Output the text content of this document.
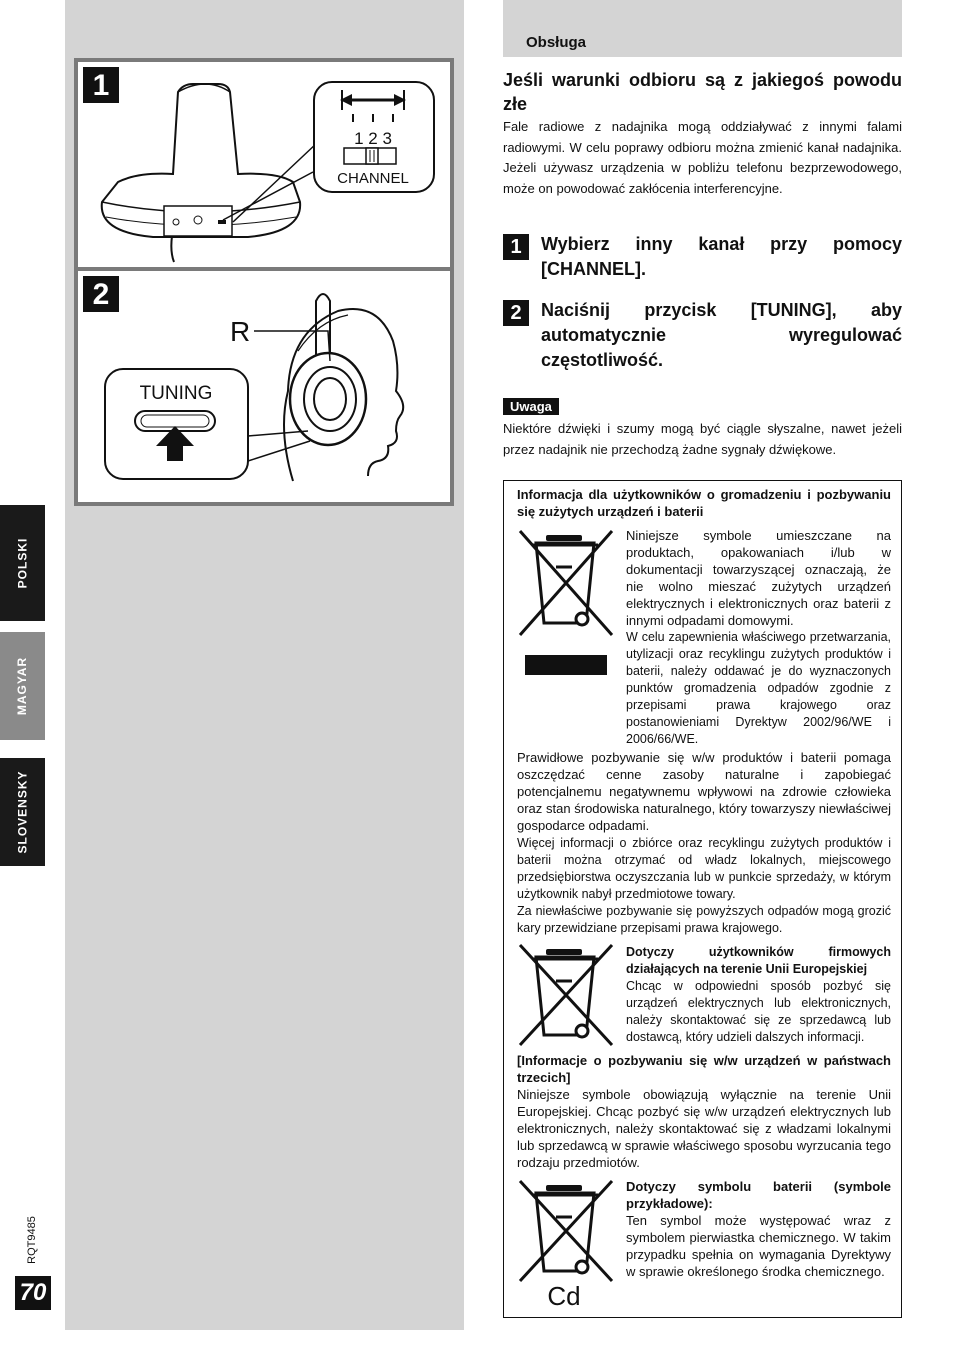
POLSKI
MAGYAR
SLOVENSKY
RQT9485
70
1
1 2 3
CHANNEL
2
R
TUNING
Obsługa
Jeśli warunki odbioru są z jakiegoś powodu złe
Fale radiowe z nadajnika mogą oddziaływać z innymi falami radiowymi. W celu poprawy odbioru można zmienić kanał nadajnika. Jeżeli używasz urządzenia w pobliżu telefonu bezprzewodowego, może on powodować zakłócenia interferencyjne.
1	Wybierz inny kanał przy pomocy [CHANNEL].
2	Naciśnij przycisk [TUNING], aby automatycznie wyregulować częstotliwość.
Uwaga
Niektóre dźwięki i szumy mogą być ciągle słyszalne, nawet jeżeli przez nadajnik nie przechodzą żadne sygnały dźwiękowe.
Informacja dla użytkowników o gromadzeniu i pozbywaniu się zużytych urządzeń i baterii
Niniejsze symbole umieszczane na produktach, opakowaniach i/lub w dokumentacji towarzyszącej oznaczają, że nie wolno mieszać zużytych urządzeń elektrycznych i elektronicznych oraz baterii z innymi odpadami domowymi.
W celu zapewnienia właściwego przetwarzania, utylizacji oraz recyklingu zużytych produktów i baterii, należy oddawać je do wyznaczonych punktów gromadzenia odpadów zgodnie z przepisami prawa krajowego oraz postanowieniami Dyrektyw 2002/96/WE i 2006/66/WE.
Prawidłowe pozbywanie się w/w produktów i baterii pomaga oszczędzać cenne zasoby naturalne i zapobiegać potencjalnemu negatywnemu wpływowi na zdrowie człowieka oraz stan środowiska naturalnego, który towarzyszy niewłaściwej gospodarce odpadami.
Więcej informacji o zbiórce oraz recyklingu zużytych produktów i baterii można otrzymać od władz lokalnych, miejscowego przedsiębiorstwa oczyszczania lub w punkcie sprzedaży, w którym użytkownik nabył przedmiotowe towary.
Za niewłaściwe pozbywanie się powyższych odpadów mogą grozić kary przewidziane przepisami prawa krajowego.
Dotyczy użytkowników firmowych działających na terenie Unii Europejskiej
Chcąc w odpowiedni sposób pozbyć się urządzeń elektrycznych lub elektronicznych, należy skontaktować się ze sprzedawcą lub dostawcą, który udzieli dalszych informacji.
[Informacje o pozbywaniu się w/w urządzeń w państwach trzecich]
Niniejsze symbole obowiązują wyłącznie na terenie Unii Europejskiej. Chcąc pozbyć się w/w urządzeń elektrycznych lub elektronicznych, należy skontaktować się z władzami lokalnymi lub sprzedawcą w sprawie właściwego sposobu wyrzucania tego rodzaju przedmiotów.
Cd
Dotyczy symbolu baterii (symbole przykładowe):
Ten symbol może występować wraz z symbolem pierwiastka chemicznego. W takim przypadku spełnia on wymagania Dyrektywy w sprawie określonego środka chemicznego.
